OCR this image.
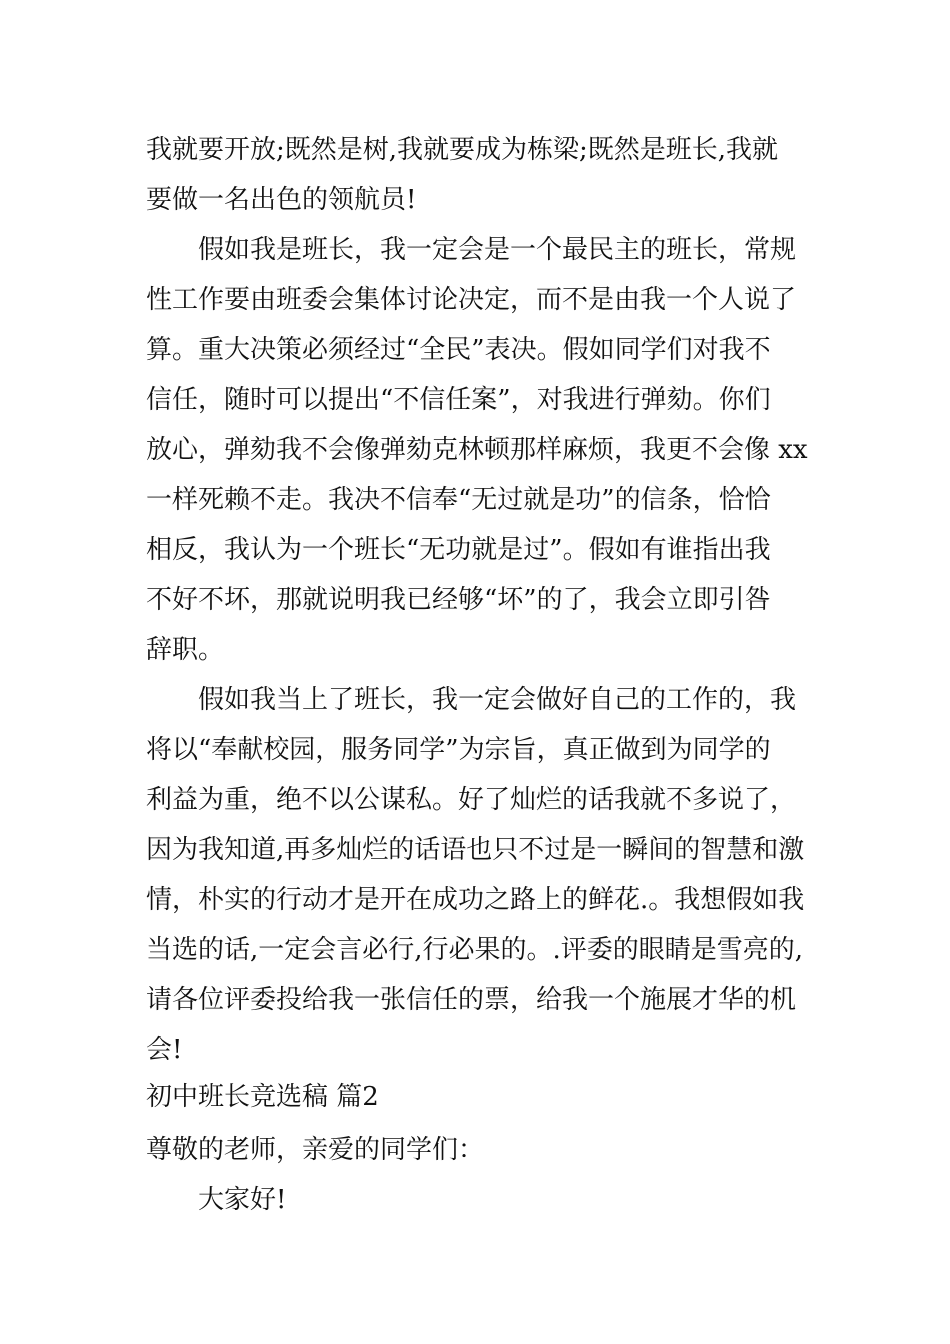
我就要开放;既然是树,我就要成为栋梁;既然是班长,我就
要做一名出色的领航员!
假如我是班长，我一定会是一个最民主的班长，常规
性工作要由班委会集体讨论决定，而不是由我一个人说了
算。重大决策必须经过“全民”表决。假如同学们对我不
信任，随时可以提出“不信任案”，对我进行弹劾。你们
放心，弹劾我不会像弹劾克林顿那样麻烦，我更不会像 xx
一样死赖不走。我决不信奉“无过就是功”的信条，恰恰
相反，我认为一个班长“无功就是过”。假如有谁指出我
不好不坏，那就说明我已经够“坏”的了，我会立即引咎
辞职。
假如我当上了班长，我一定会做好自己的工作的，我
将以“奉献校园，服务同学”为宗旨，真正做到为同学的
利益为重，绝不以公谋私。好了灿烂的话我就不多说了，
因为我知道,再多灿烂的话语也只不过是一瞬间的智慧和激
情，朴实的行动才是开在成功之路上的鲜花.。我想假如我
当选的话,一定会言必行,行必果的。.评委的眼睛是雪亮的,
请各位评委投给我一张信任的票，给我一个施展才华的机
会!
初中班长竞选稿 篇2
尊敬的老师，亲爱的同学们：
大家好!
